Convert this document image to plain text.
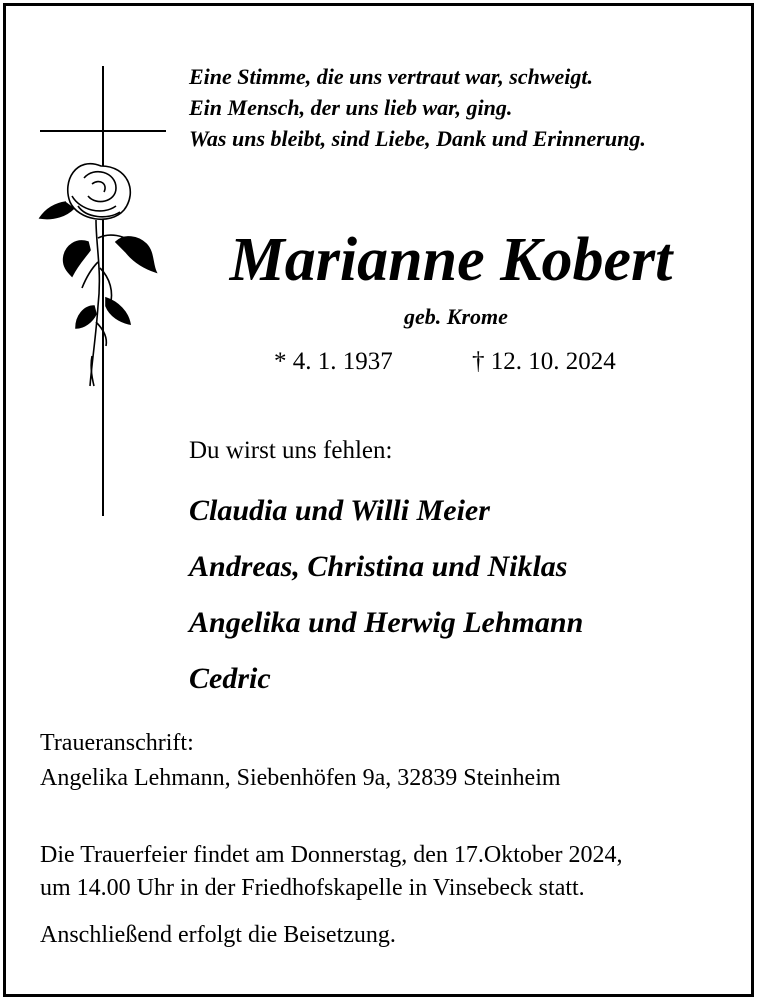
Eine Stimme, die uns vertraut war, schweigt.
Ein Mensch, der uns lieb war, ging.
Was uns bleibt, sind Liebe, Dank und Erinnerung.
Marianne Kobert
geb. Krome
* 4. 1. 1937	† 12. 10. 2024
Du wirst uns fehlen:
Claudia und Willi Meier
Andreas, Christina und Niklas
Angelika und Herwig Lehmann
Cedric
Traueranschrift:
Angelika Lehmann, Siebenhöfen 9a, 32839 Steinheim
Die Trauerfeier findet am Donnerstag, den 17.Oktober 2024,
um 14.00 Uhr in der Friedhofskapelle in Vinsebeck statt.
Anschließend erfolgt die Beisetzung.
